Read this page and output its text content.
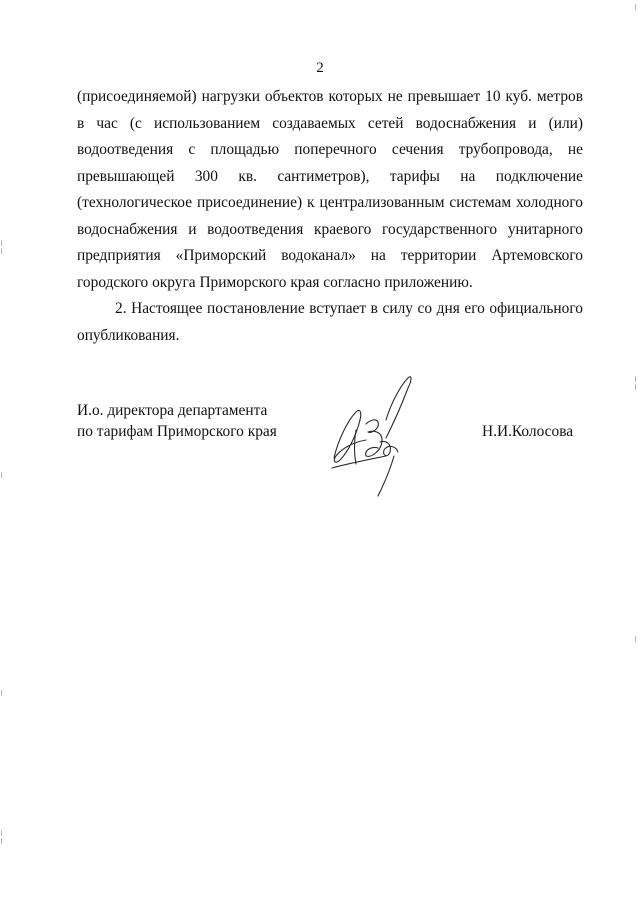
2

(присоединяемой) нагрузки объектов которых не превышает 10 куб. метров в час (с использованием создаваемых сетей водоснабжения и (или) водоотведения с площадью поперечного сечения трубопровода, не превышающей 300 кв. сантиметров), тарифы на подключение (технологическое присоединение) к централизованным системам холодного водоснабжения и водоотведения краевого государственного унитарного предприятия «Приморский водоканал» на территории Артемовского городского округа Приморского края согласно приложению.

2. Настоящее постановление вступает в силу со дня его официального опубликования.

И.о. директора департамента
по тарифам Приморского края	Н.И.Колосова
